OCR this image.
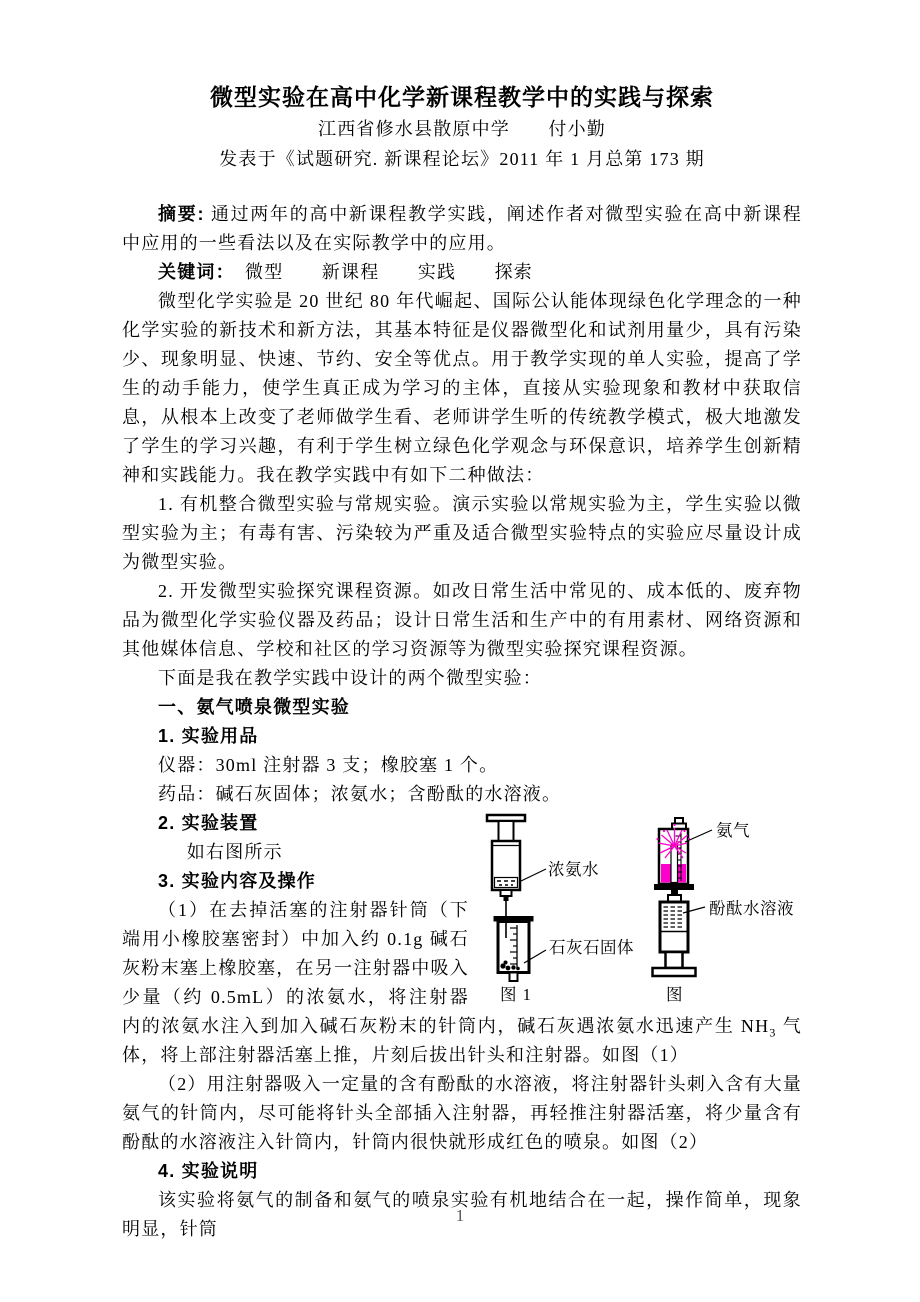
微型实验在高中化学新课程教学中的实践与探索

江西省修水县散原中学　　付小勤

发表于《试题研究. 新课程论坛》2011 年 1 月总第 173 期

摘要: 通过两年的高中新课程教学实践，阐述作者对微型实验在高中新课程中应用的一些看法以及在实际教学中的应用。

关键词：　微型　　新课程　　实践　　探索

微型化学实验是 20 世纪 80 年代崛起、国际公认能体现绿色化学理念的一种化学实验的新技术和新方法，其基本特征是仪器微型化和试剂用量少，具有污染少、现象明显、快速、节约、安全等优点。用于教学实现的单人实验，提高了学生的动手能力，使学生真正成为学习的主体，直接从实验现象和教材中获取信息，从根本上改变了老师做学生看、老师讲学生听的传统教学模式，极大地激发了学生的学习兴趣，有利于学生树立绿色化学观念与环保意识，培养学生创新精神和实践能力。我在教学实践中有如下二种做法：

1. 有机整合微型实验与常规实验。演示实验以常规实验为主，学生实验以微型实验为主；有毒有害、污染较为严重及适合微型实验特点的实验应尽量设计成为微型实验。

2. 开发微型实验探究课程资源。如改日常生活中常见的、成本低的、废弃物品为微型化学实验仪器及药品；设计日常生活和生产中的有用素材、网络资源和其他媒体信息、学校和社区的学习资源等为微型实验探究课程资源。

下面是我在教学实践中设计的两个微型实验：

一、氨气喷泉微型实验

1. 实验用品

仪器：30ml 注射器 3 支；橡胶塞 1 个。

药品：碱石灰固体；浓氨水；含酚酞的水溶液。

浓氨水
石灰石固体
氨气
酚酞水溶液
图 1	图

2. 实验装置

如右图所示

3. 实验内容及操作

（1）在去掉活塞的注射器针筒（下端用小橡胶塞密封）中加入约 0.1g 碱石灰粉末塞上橡胶塞，在另一注射器中吸入少量（约 0.5mL）的浓氨水，将注射器内的浓氨水注入到加入碱石灰粉末的针筒内，碱石灰遇浓氨水迅速产生 $NH_3$ 气体，将上部注射器活塞上推，片刻后拔出针头和注射器。如图（1）

（2）用注射器吸入一定量的含有酚酞的水溶液，将注射器针头刺入含有大量氨气的针筒内，尽可能将针头全部插入注射器，再轻推注射器活塞，将少量含有酚酞的水溶液注入针筒内，针筒内很快就形成红色的喷泉。如图（2）

4. 实验说明

该实验将氨气的制备和氨气的喷泉实验有机地结合在一起，操作简单，现象明显，针筒

1
